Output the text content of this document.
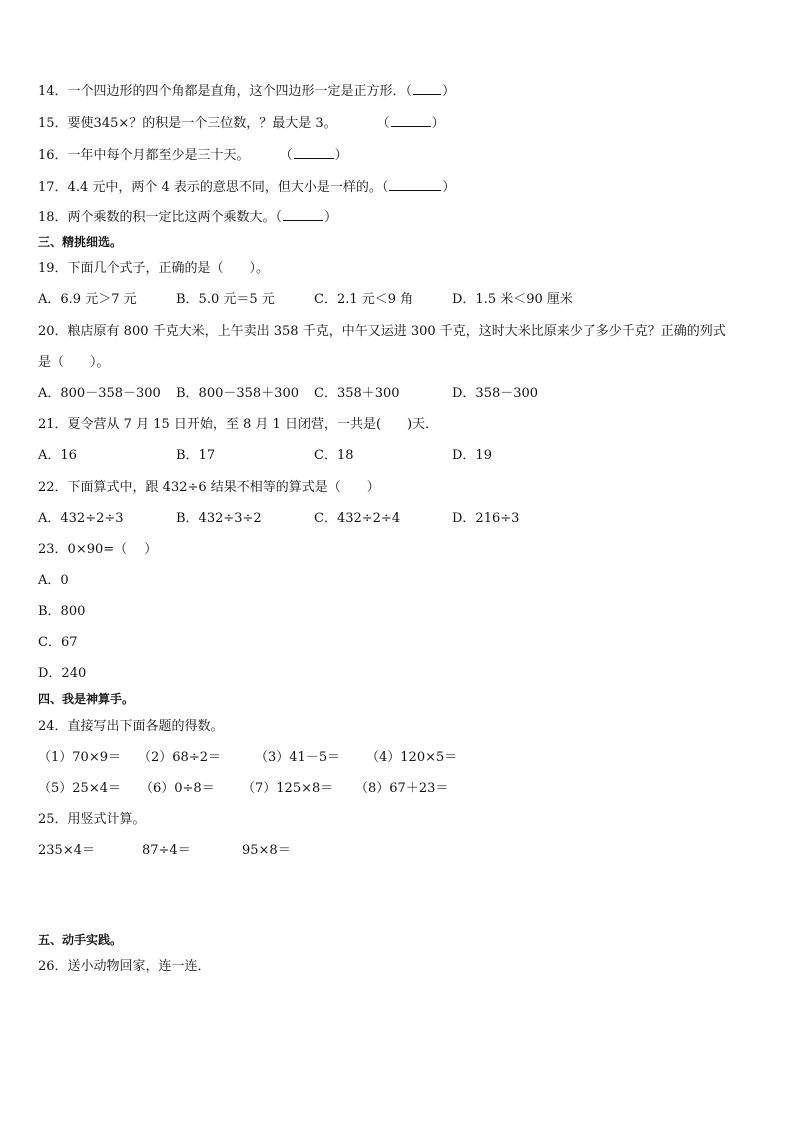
14．一个四边形的四个角都是直角，这个四边形一定是正方形．（ ）
15．要使345×？的积是一个三位数，？最大是 3。	（	）
16．一年中每个月都至少是三十天。 （	）
17．4.4 元中，两个 4 表示的意思不同，但大小是一样的。（	）
18．两个乘数的积一定比这两个乘数大。（	）
三、精挑细选。
19．下面几个式子，正确的是（　　）。
A．6.9 元＞7 元	B．5.0 元＝5 元	C．2.1 元＜9 角	D．1.5 米＜90 厘米
20．粮店原有 800 千克大米，上午卖出 358 千克，中午又运进 300 千克，这时大米比原来少了多少千克？正确的列式
是（　　）。
A．800－358－300 B．800－358＋300 C．358＋300	D．358－300
21．夏令营从 7 月 15 日开始，至 8 月 1 日闭营，一共是(　　)天．
A．16	B．17	C．18	D．19
22．下面算式中，跟 432÷6 结果不相等的算式是（　　）
A．432÷2÷3	B．432÷3÷2	C．432÷2÷4	D．216÷3
23．0×90=（　 ）
A．0
B．800
C．67
D．240
四、我是神算手。
24．直接写出下面各题的得数。
（1）70×9＝ （2）68÷2＝	（3）41－5＝ （4）120×5＝
（5）25×4＝ （6）0÷8＝ （7）125×8＝ （8）67＋23＝
25．用竖式计算。
235×4＝	87÷4＝	95×8＝
五、动手实践。
26．送小动物回家，连一连．
